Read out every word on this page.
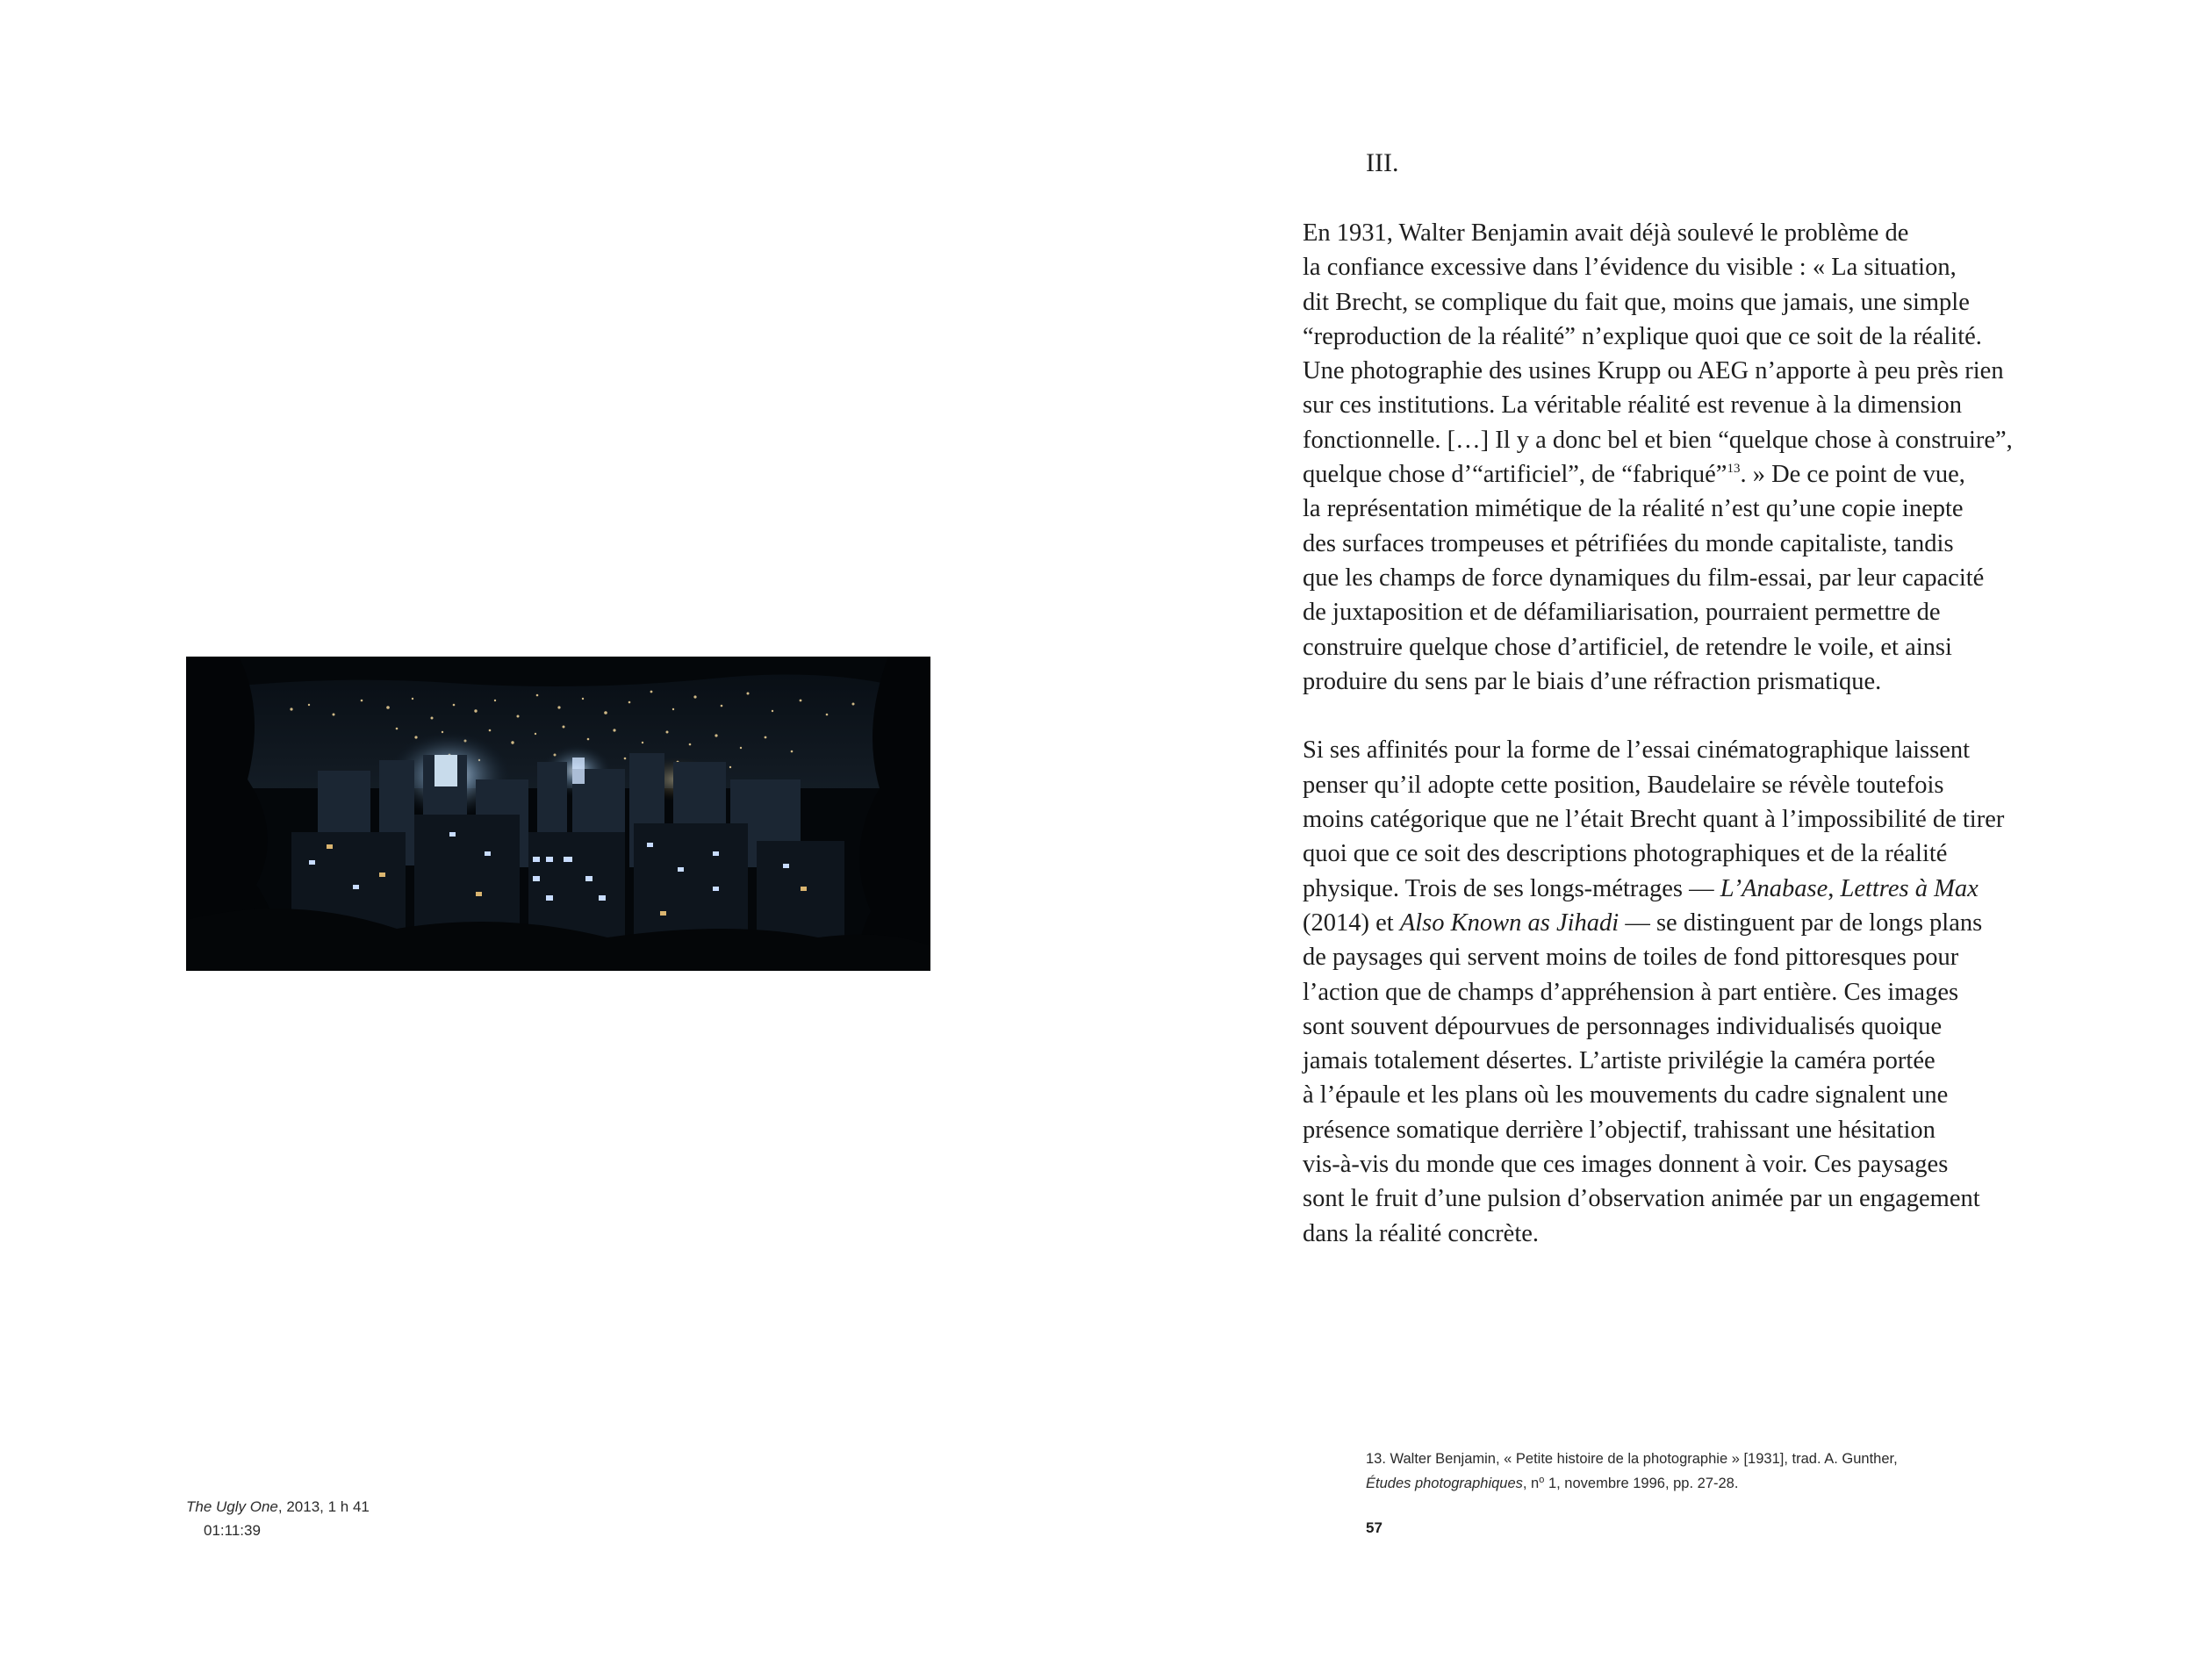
The Ugly One, 2013, 1 h 41
01:11:39
III.

En 1931, Walter Benjamin avait déjà soulevé le problème de
la confiance excessive dans l’évidence du visible : « La situation,
dit Brecht, se complique du fait que, moins que jamais, une simple
“reproduction de la réalité” n’explique quoi que ce soit de la réalité.
Une photographie des usines Krupp ou AEG n’apporte à peu près rien
sur ces institutions. La véritable réalité est revenue à la dimension
fonctionnelle. […] Il y a donc bel et bien “quelque chose à construire”,
quelque chose d’“artificiel”, de “fabriqué”$^{13}$. » De ce point de vue,
la représentation mimétique de la réalité n’est qu’une copie inepte
des surfaces trompeuses et pétrifiées du monde capitaliste, tandis
que les champs de force dynamiques du film-essai, par leur capacité
de juxtaposition et de défamiliarisation, pourraient permettre de
construire quelque chose d’artificiel, de retendre le voile, et ainsi
produire du sens par le biais d’une réfraction prismatique.

Si ses affinités pour la forme de l’essai cinématographique laissent
penser qu’il adopte cette position, Baudelaire se révèle toutefois
moins catégorique que ne l’était Brecht quant à l’impossibilité de tirer
quoi que ce soit des descriptions photographiques et de la réalité
physique. Trois de ses longs-métrages — L’Anabase, Lettres à Max
(2014) et Also Known as Jihadi — se distinguent par de longs plans
de paysages qui servent moins de toiles de fond pittoresques pour
l’action que de champs d’appréhension à part entière. Ces images
sont souvent dépourvues de personnages individualisés quoique
jamais totalement désertes. L’artiste privilégie la caméra portée
à l’épaule et les plans où les mouvements du cadre signalent une
présence somatique derrière l’objectif, trahissant une hésitation
vis-à-vis du monde que ces images donnent à voir. Ces paysages
sont le fruit d’une pulsion d’observation animée par un engagement
dans la réalité concrète.

13. Walter Benjamin, « Petite histoire de la photographie » [1931], trad. A. Gunther,
Études photographiques, $n^o$ 1, novembre 1996, pp. 27-28.
57
